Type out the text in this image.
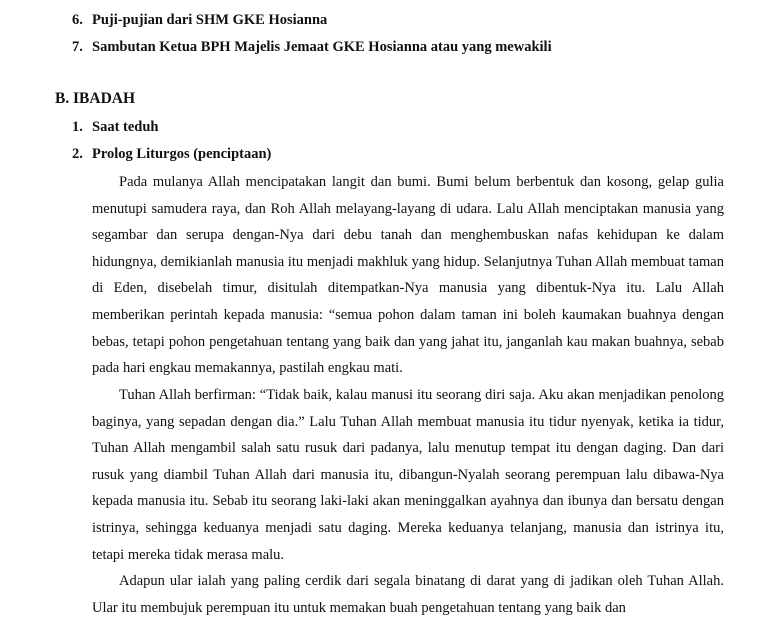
6. Puji-pujian dari SHM GKE Hosianna
7. Sambutan Ketua BPH Majelis Jemaat GKE Hosianna atau yang mewakili
B. IBADAH
1. Saat teduh
2. Prolog Liturgos (penciptaan)

Pada mulanya Allah mencipatakan langit dan bumi. Bumi belum berbentuk dan kosong, gelap gulia menutupi samudera raya, dan Roh Allah melayang-layang di udara. Lalu Allah menciptakan manusia yang segambar dan serupa dengan-Nya dari debu tanah dan menghembuskan nafas kehidupan ke dalam hidungnya, demikianlah manusia itu menjadi makhluk yang hidup. Selanjutnya Tuhan Allah membuat taman di Eden, disebelah timur, disitulah ditempatkan-Nya manusia yang dibentuk-Nya itu. Lalu Allah memberikan perintah kepada manusia: “semua pohon dalam taman ini boleh kaumakan buahnya dengan bebas, tetapi pohon pengetahuan tentang yang baik dan yang jahat itu, janganlah kau makan buahnya, sebab pada hari engkau memakannya, pastilah engkau mati.

Tuhan Allah berfirman: “Tidak baik, kalau manusi itu seorang diri saja. Aku akan menjadikan penolong baginya, yang sepadan dengan dia.” Lalu Tuhan Allah membuat manusia itu tidur nyenyak, ketika ia tidur, Tuhan Allah mengambil salah satu rusuk dari padanya, lalu menutup tempat itu dengan daging. Dan dari rusuk yang diambil Tuhan Allah dari manusia itu, dibangun-Nyalah seorang perempuan lalu dibawa-Nya kepada manusia itu. Sebab itu seorang laki-laki akan meninggalkan ayahnya dan ibunya dan bersatu dengan istrinya, sehingga keduanya menjadi satu daging. Mereka keduanya telanjang, manusia dan istrinya itu, tetapi mereka tidak merasa malu.

Adapun ular ialah yang paling cerdik dari segala binatang di darat yang di jadikan oleh Tuhan Allah. Ular itu membujuk perempuan itu untuk memakan buah pengetahuan tentang yang baik dan
